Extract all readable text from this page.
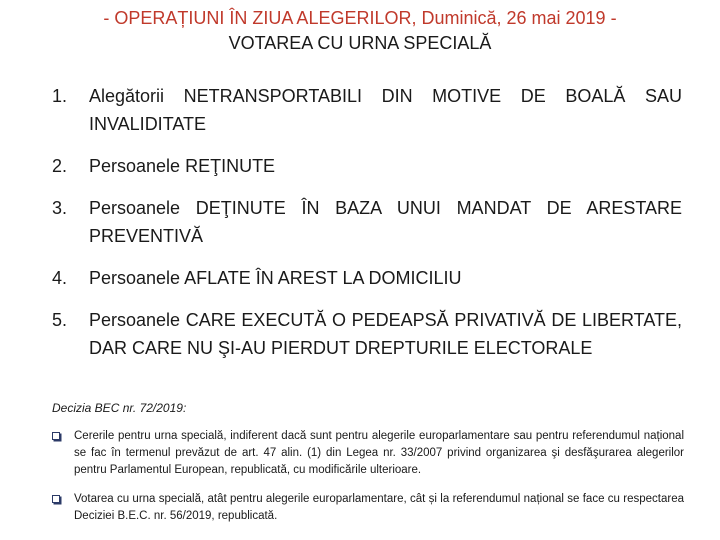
- OPERAȚIUNI ÎN ZIUA ALEGERILOR, Duminică, 26 mai 2019 -
VOTAREA CU URNA SPECIALĂ
1. Alegătorii NETRANSPORTABILI DIN MOTIVE DE BOALĂ SAU INVALIDITATE
2. Persoanele REŢINUTE
3. Persoanele DEŢINUTE ÎN BAZA UNUI MANDAT DE ARESTARE PREVENTIVĂ
4. Persoanele AFLATE ÎN AREST LA DOMICILIU
5. Persoanele CARE EXECUTĂ O PEDEAPSĂ PRIVATIVĂ DE LIBERTATE, DAR CARE NU ŞI-AU PIERDUT DREPTURILE ELECTORALE
Decizia BEC nr. 72/2019:
Cererile pentru urna specială, indiferent dacă sunt pentru alegerile europarlamentare sau pentru referendumul național se fac în termenul prevăzut de art. 47 alin. (1) din Legea nr. 33/2007 privind organizarea şi desfăşurarea alegerilor pentru Parlamentul European, republicată, cu modificările ulterioare.
Votarea cu urna specială, atât pentru alegerile europarlamentare, cât și la referendumul național se face cu respectarea Deciziei B.E.C. nr. 56/2019, republicată.
